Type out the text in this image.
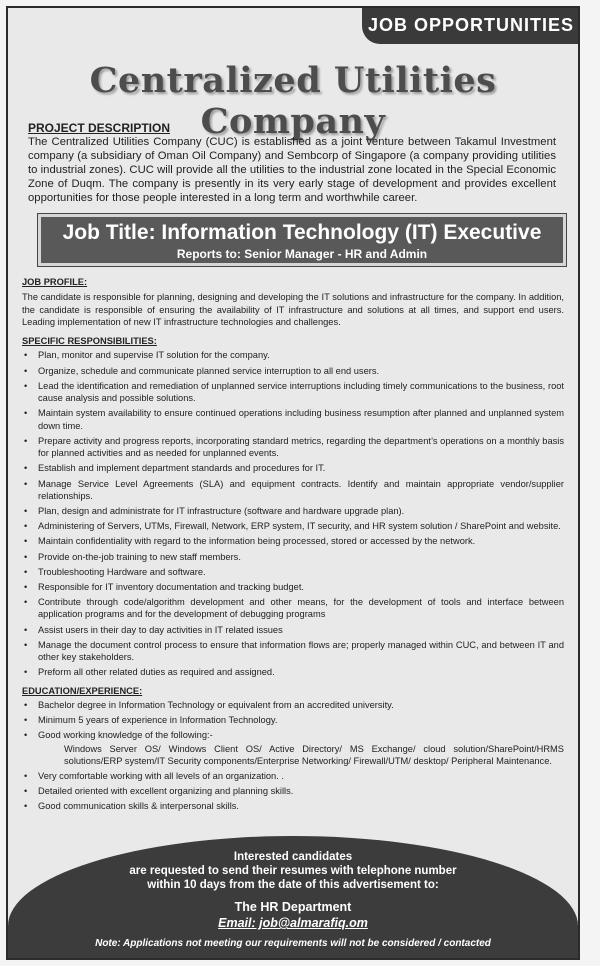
JOB OPPORTUNITIES
Centralized Utilities Company
PROJECT DESCRIPTION
The Centralized Utilities Company (CUC) is established as a joint venture between Takamul Investment company (a subsidiary of Oman Oil Company) and Sembcorp of Singapore (a company providing utilities to industrial zones). CUC will provide all the utilities to the industrial zone located in the Special Economic Zone of Duqm. The company is presently in its very early stage of development and provides excellent opportunities for those people interested in a long term and worthwhile career.
Job Title: Information Technology (IT) Executive
Reports to: Senior Manager - HR and Admin
JOB PROFILE:
The candidate is responsible for planning, designing and developing the IT solutions and infrastructure for the company. In addition, the candidate is responsible of ensuring the availability of IT infrastructure and solutions at all times, and support end users. Leading implementation of new IT infrastructure technologies and challenges.
SPECIFIC RESPONSIBILITIES:
• Plan, monitor and supervise IT solution for the company.
• Organize, schedule and communicate planned service interruption to all end users.
• Lead the identification and remediation of unplanned service interruptions including timely communications to the business, root cause analysis and possible solutions.
• Maintain system availability to ensure continued operations including business resumption after planned and unplanned system down time.
• Prepare activity and progress reports, incorporating standard metrics, regarding the department’s operations on a monthly basis for planned activities and as needed for unplanned events.
• Establish and implement department standards and procedures for IT.
• Manage Service Level Agreements (SLA) and equipment contracts. Identify and maintain appropriate vendor/supplier relationships.
• Plan, design and administrate for IT infrastructure (software and hardware upgrade plan).
• Administering of Servers, UTMs, Firewall, Network, ERP system, IT security, and HR system solution / SharePoint and website.
• Maintain confidentiality with regard to the information being processed, stored or accessed by the network.
• Provide on-the-job training to new staff members.
• Troubleshooting Hardware and software.
• Responsible for IT inventory documentation and tracking budget.
• Contribute through code/algorithm development and other means, for the development of tools and interface between application programs and for the development of debugging programs
• Assist users in their day to day activities in IT related issues
• Manage the document control process to ensure that information flows are; properly managed within CUC, and between IT and other key stakeholders.
• Preform all other related duties as required and assigned.
EDUCATION/EXPERIENCE:
• Bachelor degree in Information Technology or equivalent from an accredited university.
• Minimum 5 years of experience in Information Technology.
• Good working knowledge of the following:-
Windows Server OS/ Windows Client OS/ Active Directory/ MS Exchange/ cloud solution/SharePoint/HRMS solutions/ERP system/IT Security components/Enterprise Networking/ Firewall/UTM/ desktop/ Peripheral Maintenance.
• Very comfortable working with all levels of an organization. .
• Detailed oriented with excellent organizing and planning skills.
• Good communication skills & interpersonal skills.
Interested candidates
are requested to send their resumes with telephone number
within 10 days from the date of this advertisement to:
The HR Department
Email: job@almarafiq.om
Note: Applications not meeting our requirements will not be considered / contacted
